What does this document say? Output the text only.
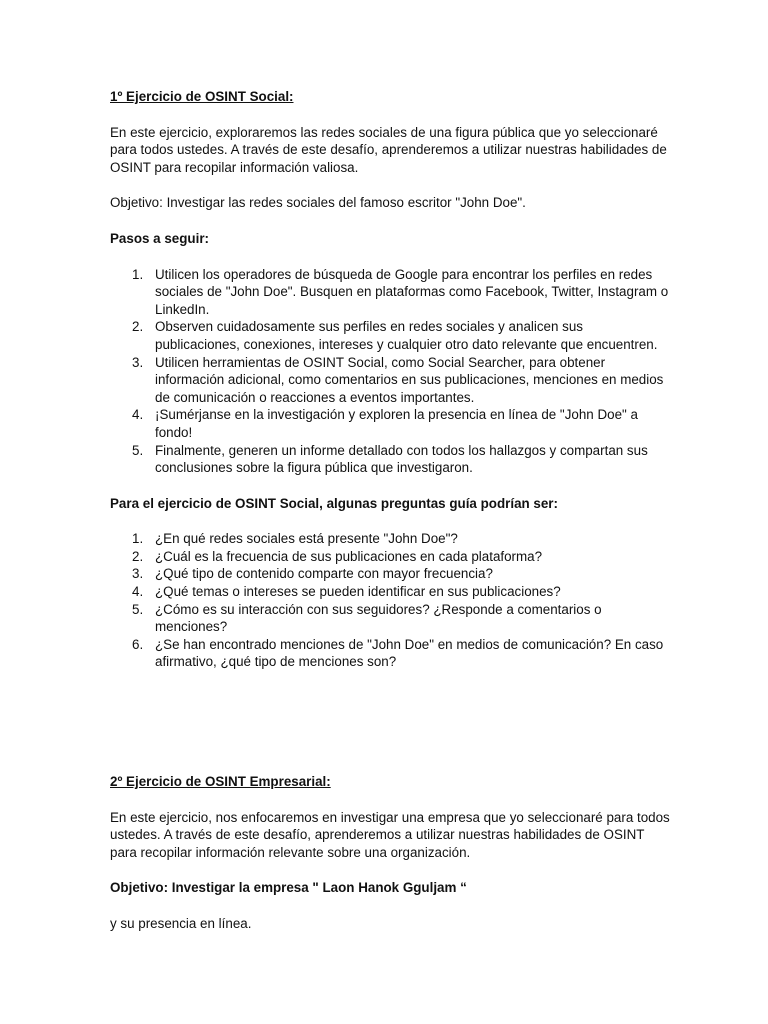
1º Ejercicio de OSINT Social:

En este ejercicio, exploraremos las redes sociales de una figura pública que yo seleccionaré para todos ustedes. A través de este desafío, aprenderemos a utilizar nuestras habilidades de OSINT para recopilar información valiosa.

Objetivo: Investigar las redes sociales del famoso escritor "John Doe".

Pasos a seguir:

1. Utilicen los operadores de búsqueda de Google para encontrar los perfiles en redes sociales de "John Doe". Busquen en plataformas como Facebook, Twitter, Instagram o LinkedIn.
2. Observen cuidadosamente sus perfiles en redes sociales y analicen sus publicaciones, conexiones, intereses y cualquier otro dato relevante que encuentren.
3. Utilicen herramientas de OSINT Social, como Social Searcher, para obtener información adicional, como comentarios en sus publicaciones, menciones en medios de comunicación o reacciones a eventos importantes.
4. ¡Sumérjanse en la investigación y exploren la presencia en línea de "John Doe" a fondo!
5. Finalmente, generen un informe detallado con todos los hallazgos y compartan sus conclusiones sobre la figura pública que investigaron.

Para el ejercicio de OSINT Social, algunas preguntas guía podrían ser:

1. ¿En qué redes sociales está presente "John Doe"?
2. ¿Cuál es la frecuencia de sus publicaciones en cada plataforma?
3. ¿Qué tipo de contenido comparte con mayor frecuencia?
4. ¿Qué temas o intereses se pueden identificar en sus publicaciones?
5. ¿Cómo es su interacción con sus seguidores? ¿Responde a comentarios o menciones?
6. ¿Se han encontrado menciones de "John Doe" en medios de comunicación? En caso afirmativo, ¿qué tipo de menciones son?

2º Ejercicio de OSINT Empresarial:

En este ejercicio, nos enfocaremos en investigar una empresa que yo seleccionaré para todos ustedes. A través de este desafío, aprenderemos a utilizar nuestras habilidades de OSINT para recopilar información relevante sobre una organización.

Objetivo: Investigar la empresa " Laon Hanok Gguljam “

y su presencia en línea.
